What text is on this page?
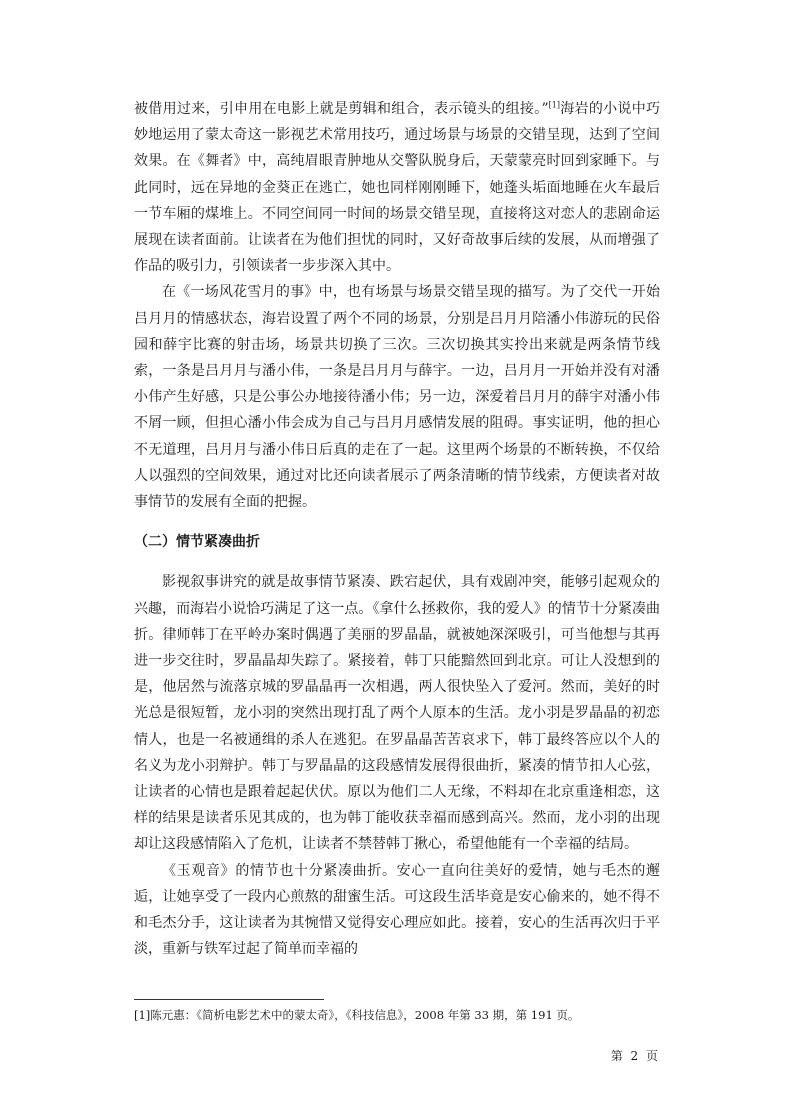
被借用过来，引申用在电影上就是剪辑和组合，表示镜头的组接。”[1]海岩的小说中巧妙地运用了蒙太奇这一影视艺术常用技巧，通过场景与场景的交错呈现，达到了空间效果。在《舞者》中，高纯眉眼青肿地从交警队脱身后，天蒙蒙亮时回到家睡下。与此同时，远在异地的金葵正在逃亡，她也同样刚刚睡下，她蓬头垢面地睡在火车最后一节车厢的煤堆上。不同空间同一时间的场景交错呈现，直接将这对恋人的悲剧命运展现在读者面前。让读者在为他们担忧的同时，又好奇故事后续的发展，从而增强了作品的吸引力，引领读者一步步深入其中。

在《一场风花雪月的事》中，也有场景与场景交错呈现的描写。为了交代一开始吕月月的情感状态，海岩设置了两个不同的场景，分别是吕月月陪潘小伟游玩的民俗园和薛宇比赛的射击场，场景共切换了三次。三次切换其实拎出来就是两条情节线索，一条是吕月月与潘小伟，一条是吕月月与薛宇。一边，吕月月一开始并没有对潘小伟产生好感，只是公事公办地接待潘小伟；另一边，深爱着吕月月的薛宇对潘小伟不屑一顾，但担心潘小伟会成为自己与吕月月感情发展的阻碍。事实证明，他的担心不无道理，吕月月与潘小伟日后真的走在了一起。这里两个场景的不断转换，不仅给人以强烈的空间效果，通过对比还向读者展示了两条清晰的情节线索，方便读者对故事情节的发展有全面的把握。

（二）情节紧凑曲折

影视叙事讲究的就是故事情节紧凑、跌宕起伏，具有戏剧冲突，能够引起观众的兴趣，而海岩小说恰巧满足了这一点。《拿什么拯救你，我的爱人》的情节十分紧凑曲折。律师韩丁在平岭办案时偶遇了美丽的罗晶晶，就被她深深吸引，可当他想与其再进一步交往时，罗晶晶却失踪了。紧接着，韩丁只能黯然回到北京。可让人没想到的是，他居然与流落京城的罗晶晶再一次相遇，两人很快坠入了爱河。然而，美好的时光总是很短暂，龙小羽的突然出现打乱了两个人原本的生活。龙小羽是罗晶晶的初恋情人，也是一名被通缉的杀人在逃犯。在罗晶晶苦苦哀求下，韩丁最终答应以个人的名义为龙小羽辩护。韩丁与罗晶晶的这段感情发展得很曲折，紧凑的情节扣人心弦，让读者的心情也是跟着起起伏伏。原以为他们二人无缘，不料却在北京重逢相恋，这样的结果是读者乐见其成的，也为韩丁能收获幸福而感到高兴。然而，龙小羽的出现却让这段感情陷入了危机，让读者不禁替韩丁揪心，希望他能有一个幸福的结局。

《玉观音》的情节也十分紧凑曲折。安心一直向往美好的爱情，她与毛杰的邂逅，让她享受了一段内心煎熬的甜蜜生活。可这段生活毕竟是安心偷来的，她不得不和毛杰分手，这让读者为其惋惜又觉得安心理应如此。接着，安心的生活再次归于平淡，重新与铁军过起了简单而幸福的

[1]陈元惠：《简析电影艺术中的蒙太奇》，《科技信息》，2008 年第 33 期，第 191 页。
第 2 页
